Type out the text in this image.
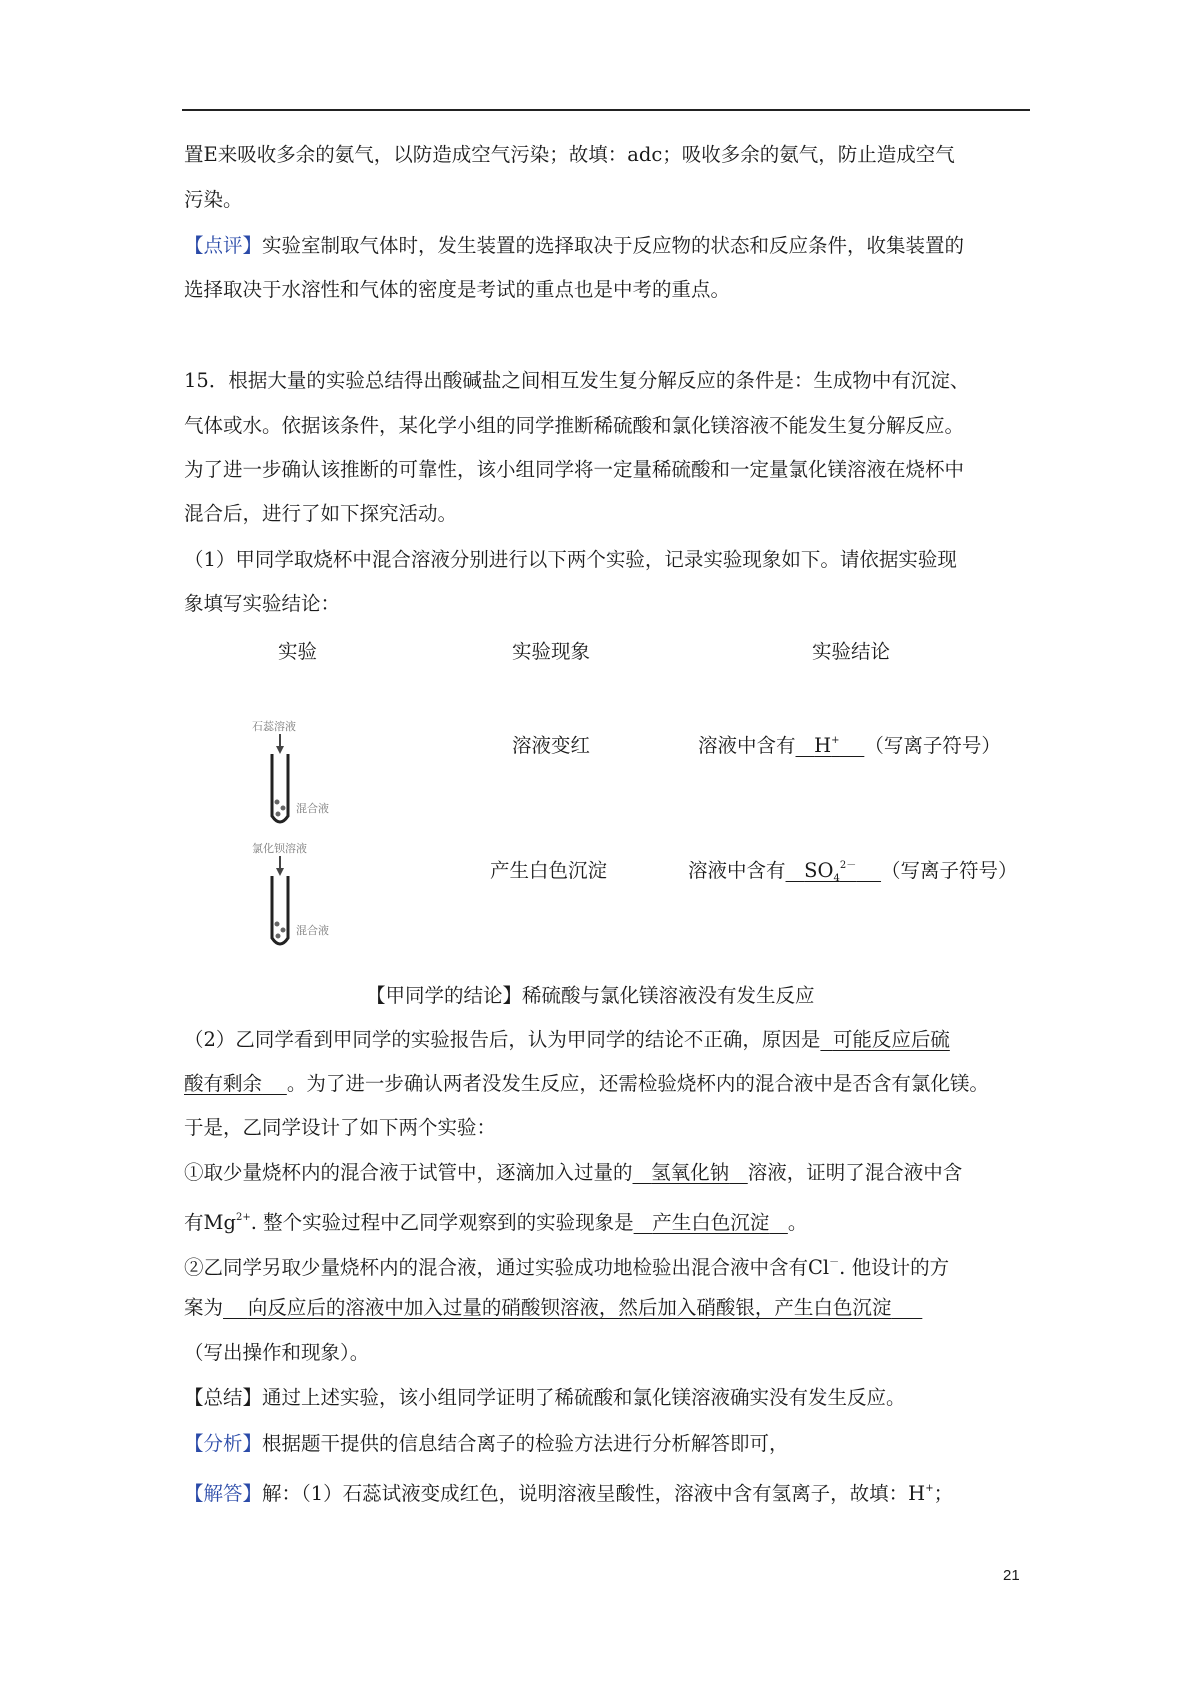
置E来吸收多余的氨气，以防造成空气污染；故填：adc；吸收多余的氨气，防止造成空气
污染。
【点评】实验室制取气体时，发生装置的选择取决于反应物的状态和反应条件，收集装置的
选择取决于水溶性和气体的密度是考试的重点也是中考的重点。
15．根据大量的实验总结得出酸碱盐之间相互发生复分解反应的条件是：生成物中有沉淀、
气体或水。依据该条件，某化学小组的同学推断稀硫酸和氯化镁溶液不能发生复分解反应。
为了进一步确认该推断的可靠性，该小组同学将一定量稀硫酸和一定量氯化镁溶液在烧杯中
混合后，进行了如下探究活动。
（1）甲同学取烧杯中混合溶液分别进行以下两个实验，记录实验现象如下。请依据实验现
象填写实验结论：
实验	实验现象	实验结论
石蕊溶液
混合液
氯化钡溶液
混合液
溶液变红	溶液中含有 H+ （写离子符号）
产生白色沉淀	溶液中含有 $SO_4^{2-}$ （写离子符号）
【甲同学的结论】稀硫酸与氯化镁溶液没有发生反应
（2）乙同学看到甲同学的实验报告后，认为甲同学的结论不正确，原因是 可能反应后硫
酸有剩余 。为了进一步确认两者没发生反应，还需检验烧杯内的混合液中是否含有氯化镁。
于是，乙同学设计了如下两个实验：
①取少量烧杯内的混合液于试管中，逐滴加入过量的 氢氧化钠 溶液，证明了混合液中含
有$Mg^{2+}$. 整个实验过程中乙同学观察到的实验现象是 产生白色沉淀 。
②乙同学另取少量烧杯内的混合液，通过实验成功地检验出混合液中含有Cl－. 他设计的方
案为 向反应后的溶液中加入过量的硝酸钡溶液，然后加入硝酸银，产生白色沉淀
（写出操作和现象）。
【总结】通过上述实验，该小组同学证明了稀硫酸和氯化镁溶液确实没有发生反应。
【分析】根据题干提供的信息结合离子的检验方法进行分析解答即可，
【解答】解：（1）石蕊试液变成红色，说明溶液呈酸性，溶液中含有氢离子，故填：H+；
21
